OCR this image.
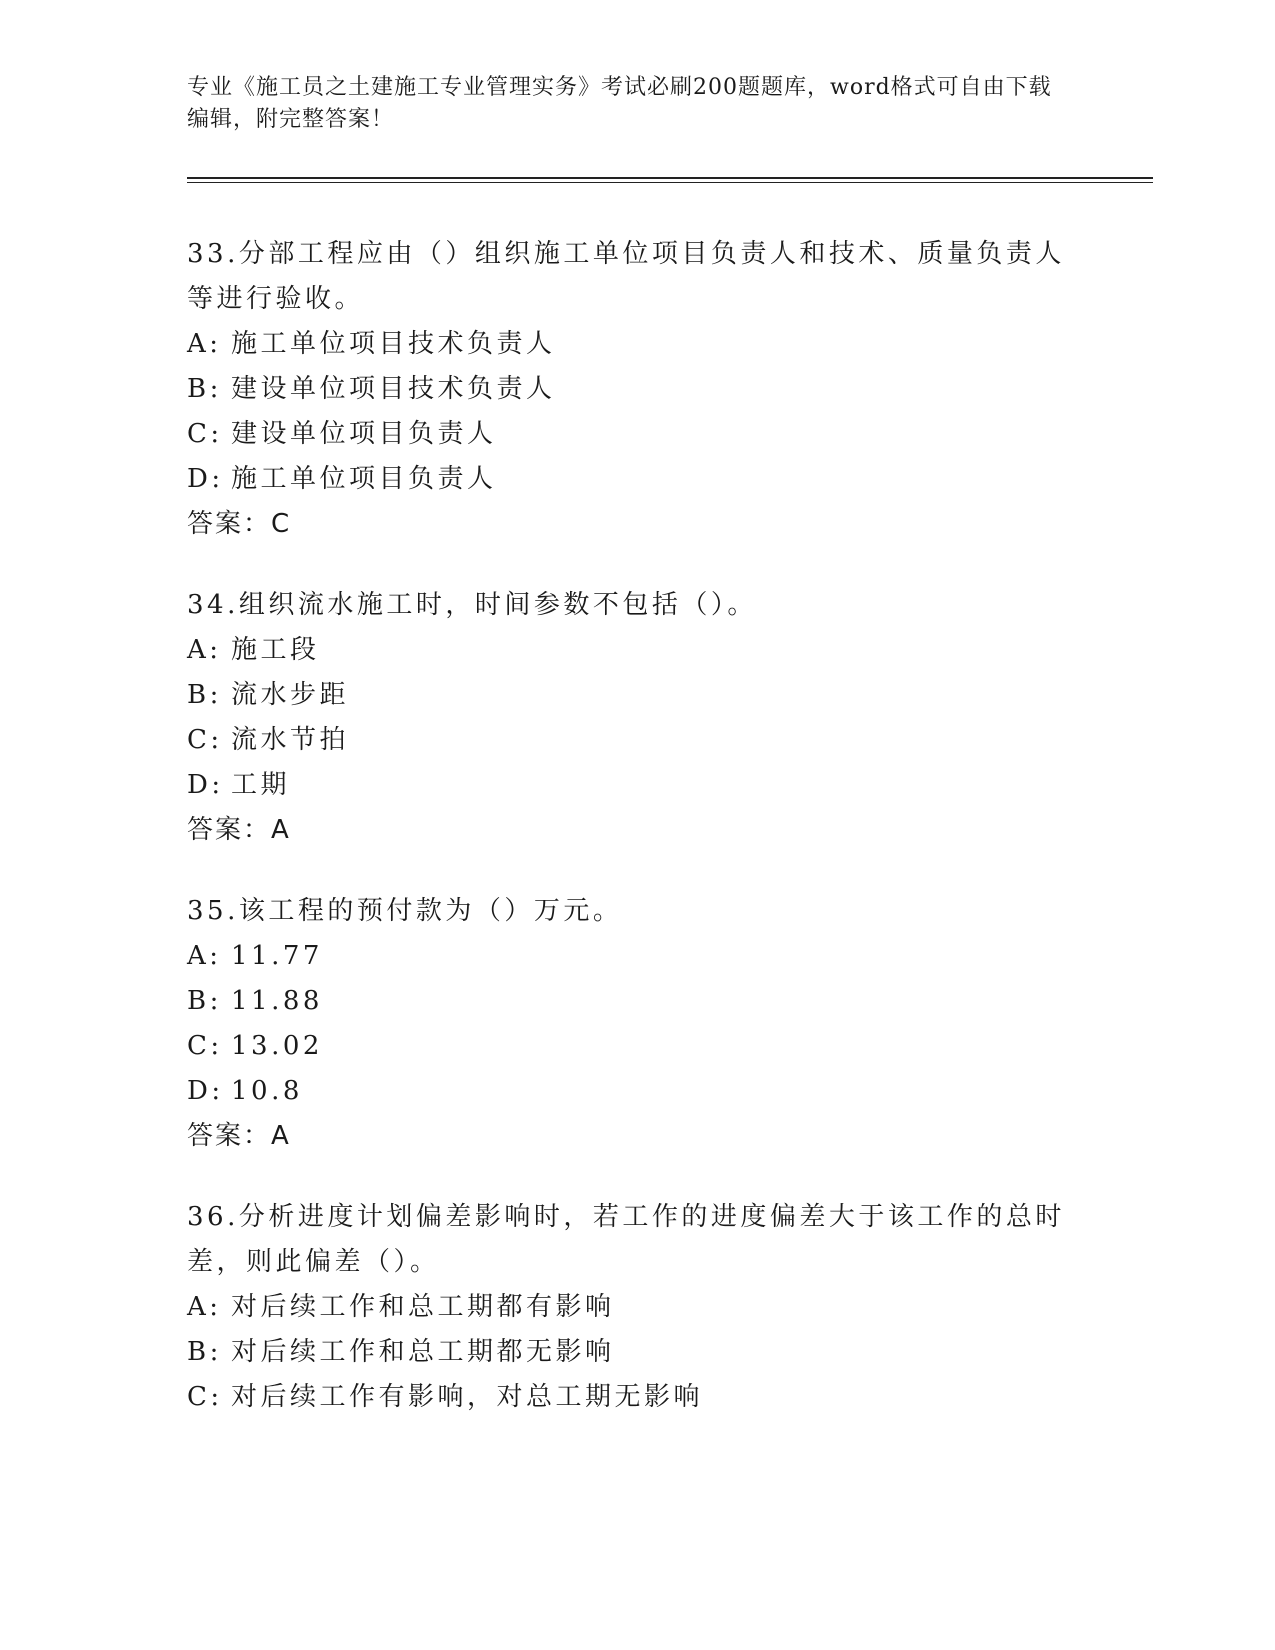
专业《施工员之土建施工专业管理实务》考试必刷200题题库，word格式可自由下载编辑，附完整答案！

33.分部工程应由（）组织施工单位项目负责人和技术、质量负责人等进行验收。

A: 施工单位项目技术负责人
B: 建设单位项目技术负责人
C: 建设单位项目负责人
D: 施工单位项目负责人

答案：C

34.组织流水施工时，时间参数不包括（）。

A: 施工段
B: 流水步距
C: 流水节拍
D: 工期

答案：A

35.该工程的预付款为（）万元。

A: 11.77
B: 11.88
C: 13.02
D: 10.8

答案：A

36.分析进度计划偏差影响时，若工作的进度偏差大于该工作的总时差，则此偏差（）。

A: 对后续工作和总工期都有影响
B: 对后续工作和总工期都无影响
C: 对后续工作有影响，对总工期无影响
